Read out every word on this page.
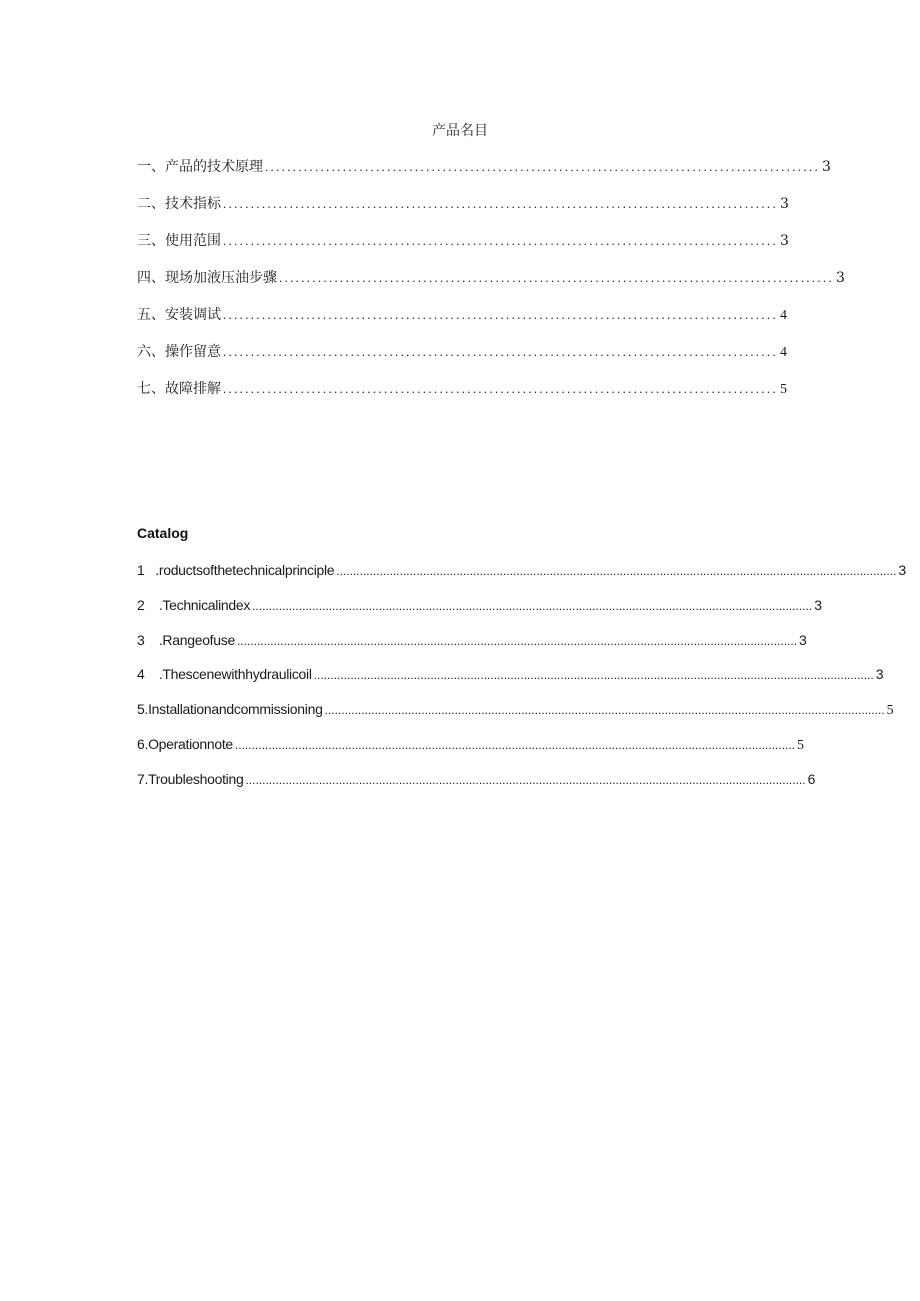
产品名目
一、产品的技术原理 .................................................................................................... 3
二、技术指标 .................................................................................................... 3
三、使用范围 .................................................................................................... 3
四、现场加液压油步骤 .................................................................................................... 3
五、安装调试 .................................................................................................... 4
六、操作留意 .................................................................................................... 4
七、故障排解 .................................................................................................... 5
Catalog
1   .roductsofthetechnicalprinciple ........................................................................................................................................................................ 3
2    .Technicalindex ........................................................................................................................................................................ 3
3    .Rangeofuse ........................................................................................................................................................................ 3
4    .Thescenewithhydraulicoil ........................................................................................................................................................................ 3
5.Installationandcommissioning ........................................................................................................................................................................ 5
6.Operationnote ........................................................................................................................................................................ 5
7.Troubleshooting ........................................................................................................................................................................ 6
